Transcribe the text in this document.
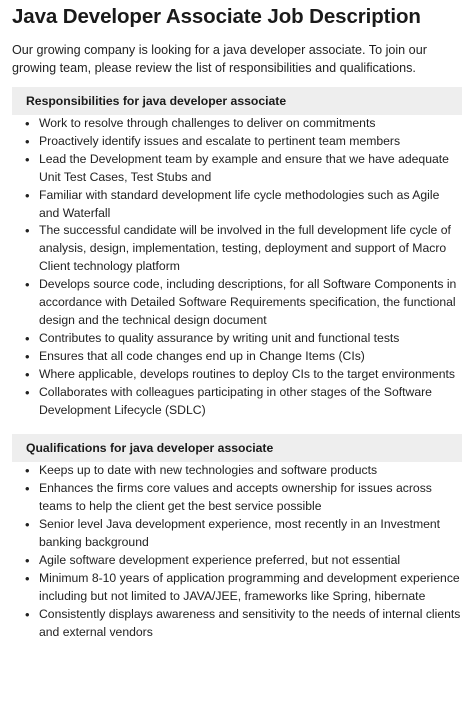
Java Developer Associate Job Description

Our growing company is looking for a java developer associate. To join our growing team, please review the list of responsibilities and qualifications.

Responsibilities for java developer associate
• Work to resolve through challenges to deliver on commitments
• Proactively identify issues and escalate to pertinent team members
• Lead the Development team by example and ensure that we have adequate Unit Test Cases, Test Stubs and
• Familiar with standard development life cycle methodologies such as Agile and Waterfall
• The successful candidate will be involved in the full development life cycle of analysis, design, implementation, testing, deployment and support of Macro Client technology platform
• Develops source code, including descriptions, for all Software Components in accordance with Detailed Software Requirements specification, the functional design and the technical design document
• Contributes to quality assurance by writing unit and functional tests
• Ensures that all code changes end up in Change Items (CIs)
• Where applicable, develops routines to deploy CIs to the target environments
• Collaborates with colleagues participating in other stages of the Software Development Lifecycle (SDLC)
Qualifications for java developer associate
• Keeps up to date with new technologies and software products
• Enhances the firms core values and accepts ownership for issues across teams to help the client get the best service possible
• Senior level Java development experience, most recently in an Investment banking background
• Agile software development experience preferred, but not essential
• Minimum 8-10 years of application programming and development experience including but not limited to JAVA/JEE, frameworks like Spring, hibernate
• Consistently displays awareness and sensitivity to the needs of internal clients and external vendors
